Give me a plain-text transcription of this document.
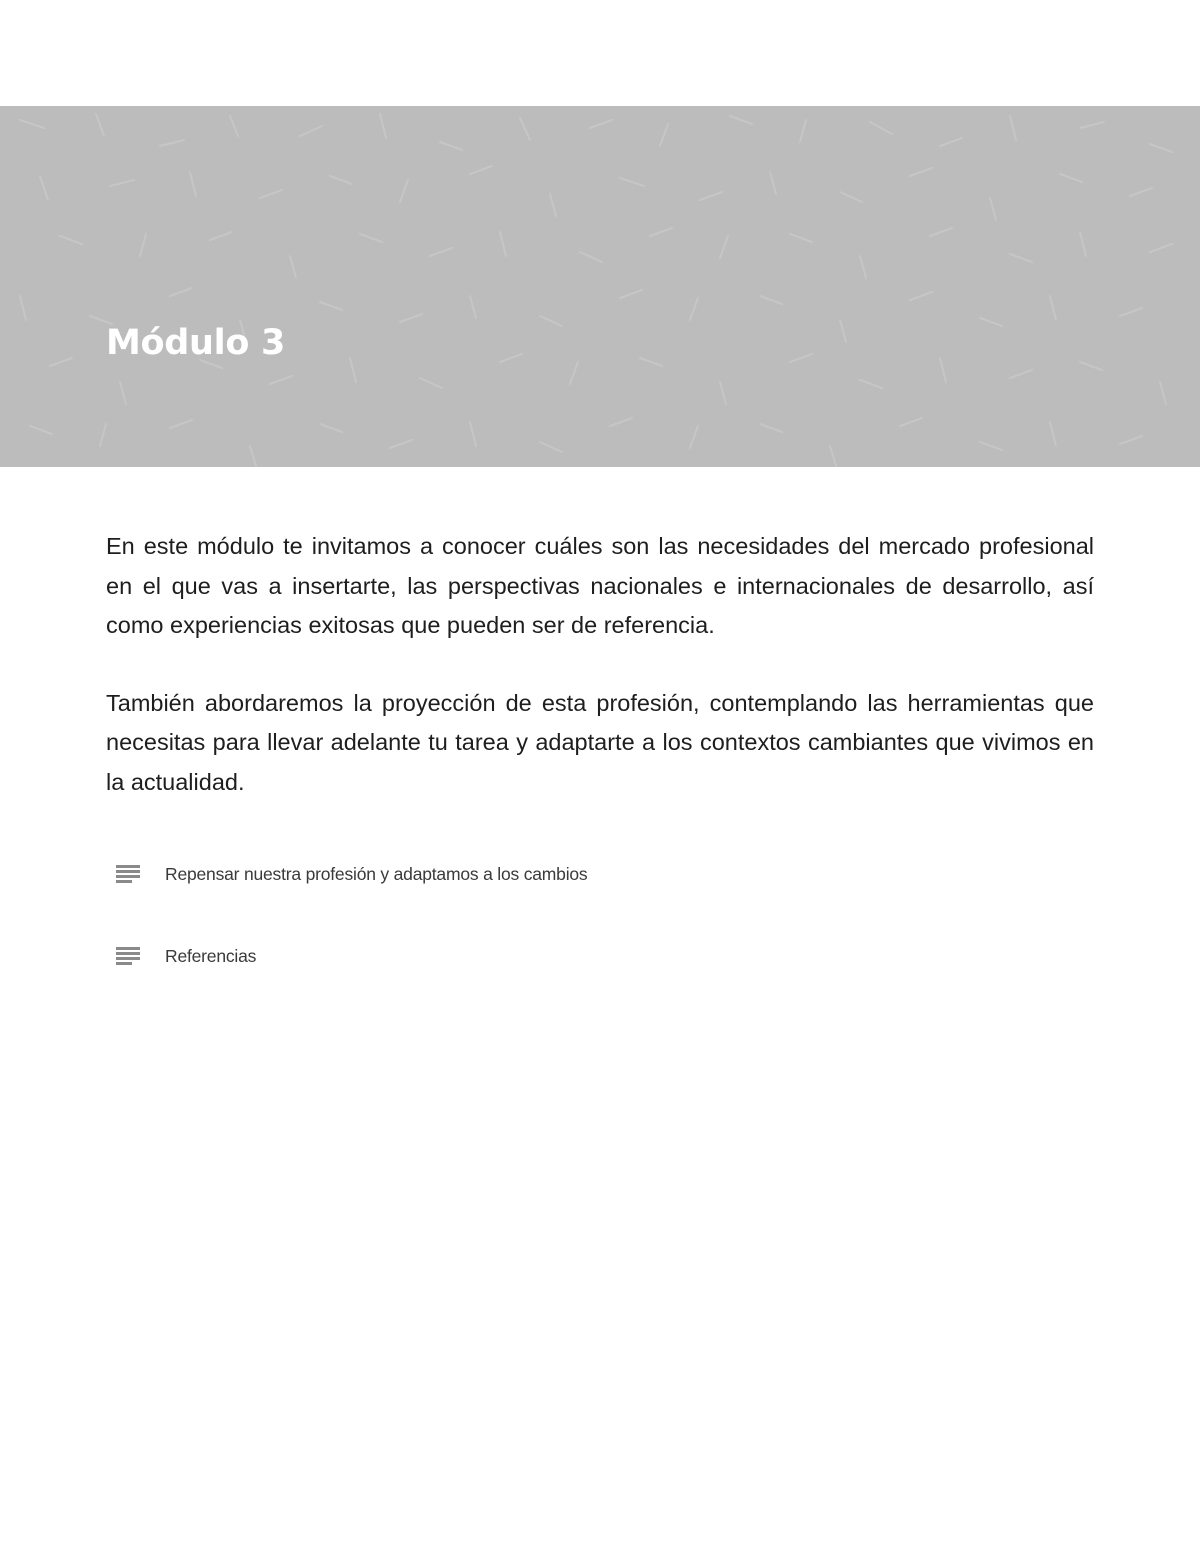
Módulo 3

En este módulo te invitamos a conocer cuáles son las necesidades del mercado profesional en el que vas a insertarte, las perspectivas nacionales e internacionales de desarrollo, así como experiencias exitosas que pueden ser de referencia.

También abordaremos la proyección de esta profesión, contemplando las herramientas que necesitas para llevar adelante tu tarea y adaptarte a los contextos cambiantes que vivimos en la actualidad.

Repensar nuestra profesión y adaptamos a los cambios
Referencias
